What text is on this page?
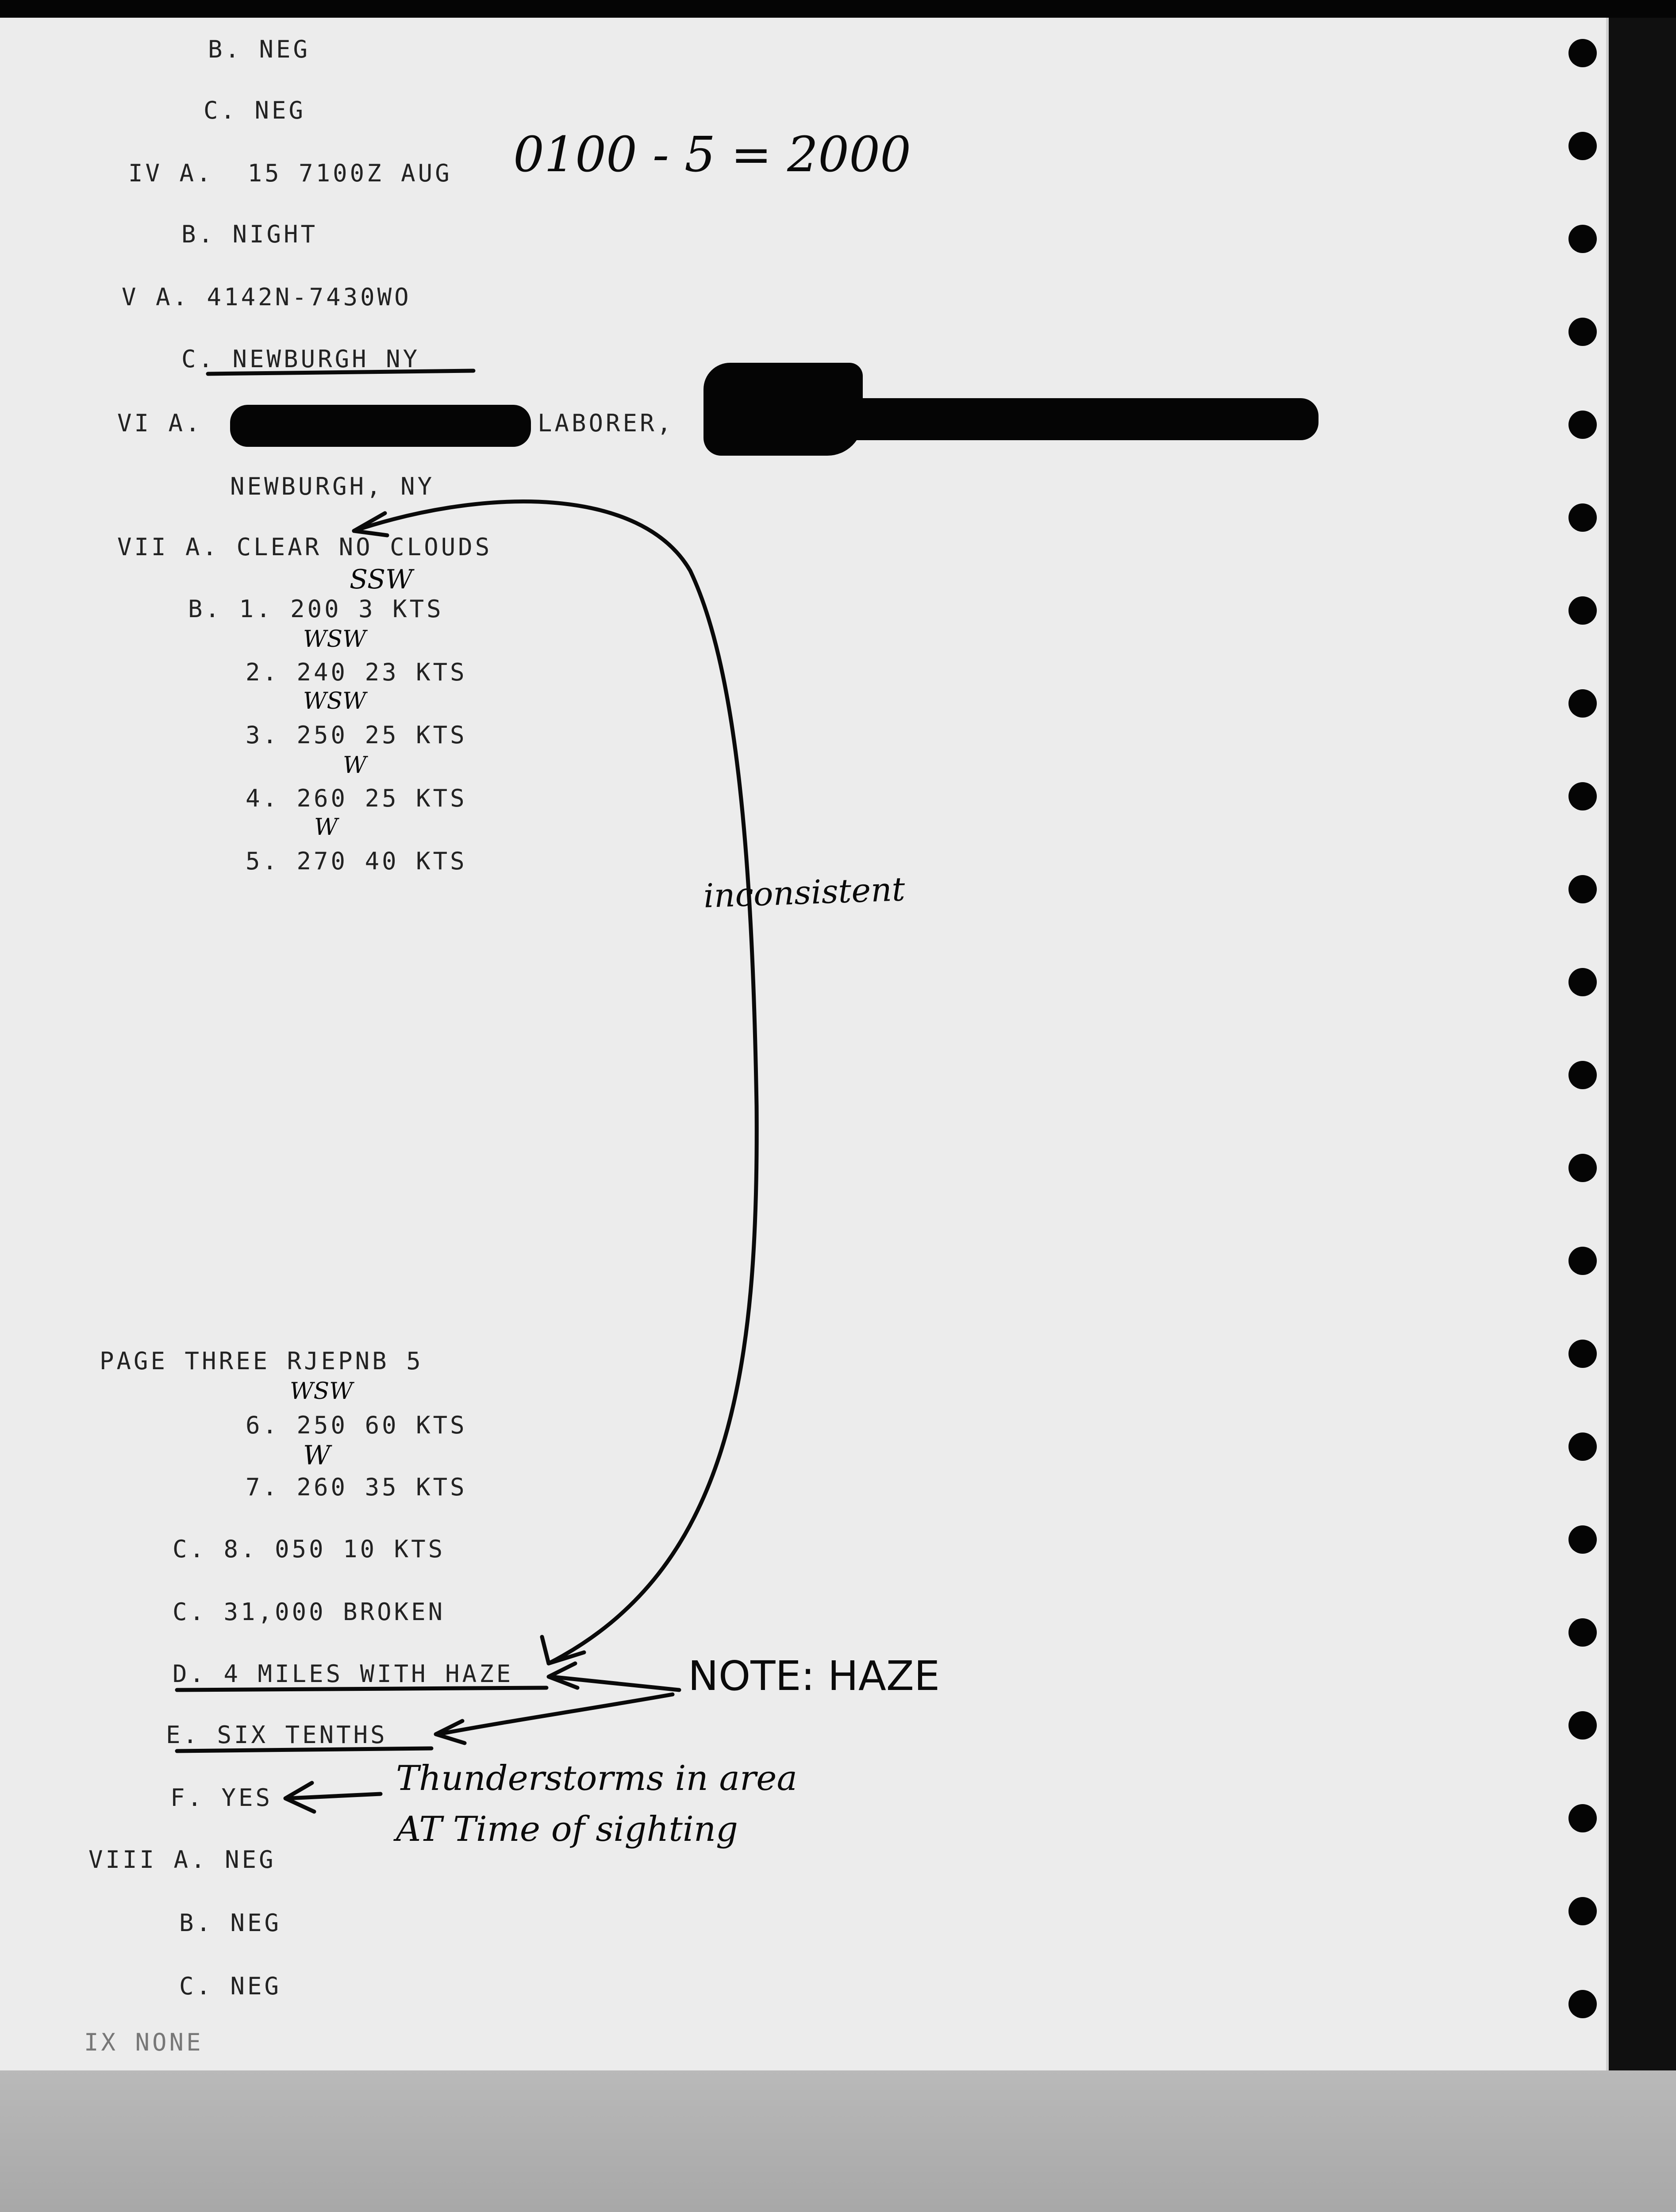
B. NEG
C. NEG
IV A.  15 7100Z AUG
B. NIGHT
V A. 4142N-7430WO
C. NEWBURGH NY
VI A.	LABORER,
NEWBURGH, NY
VII A. CLEAR NO CLOUDS
B. 1. 200 3 KTS
2. 240 23 KTS
3. 250 25 KTS
4. 260 25 KTS
5. 270 40 KTS
PAGE THREE RJEPNB 5
6. 250 60 KTS
7. 260 35 KTS
C. 8. 050 10 KTS
C. 31,000 BROKEN
D. 4 MILES WITH HAZE
E. SIX TENTHS
F. YES
VIII A. NEG
B. NEG
C. NEG
IX NONE
0100 - 5 = 2000
SSW
WSW
WSW
W
W
WSW
W
inconsistent
NOTE: HAZE
Thunderstorms in area
AT Time of sighting
